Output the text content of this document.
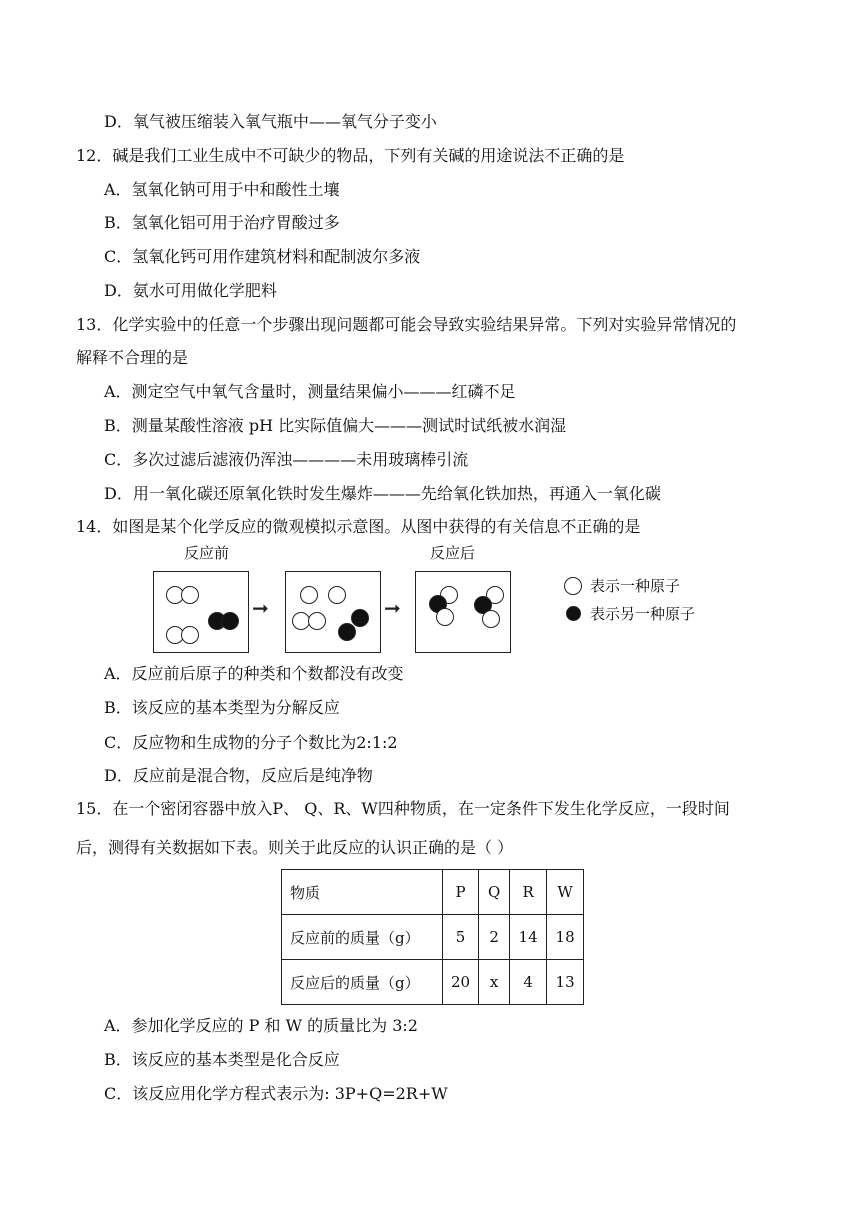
D．氧气被压缩装入氧气瓶中——氧气分子变小
12．碱是我们工业生成中不可缺少的物品，下列有关碱的用途说法不正确的是
A．氢氧化钠可用于中和酸性土壤
B．氢氧化铝可用于治疗胃酸过多
C．氢氧化钙可用作建筑材料和配制波尔多液
D．氨水可用做化学肥料
13．化学实验中的任意一个步骤出现问题都可能会导致实验结果异常。下列对实验异常情况的
解释不合理的是
A．测定空气中氧气含量时，测量结果偏小———红磷不足
B．测量某酸性溶液 pH 比实际值偏大———测试时试纸被水润湿
C．多次过滤后滤液仍浑浊————未用玻璃棒引流
D．用一氧化碳还原氧化铁时发生爆炸———先给氧化铁加热，再通入一氧化碳
14．如图是某个化学反应的微观模拟示意图。从图中获得的有关信息不正确的是
反应前	反应后
➞	➞
表示一种原子
表示另一种原子
A．反应前后原子的种类和个数都没有改变
B．该反应的基本类型为分解反应
C．反应物和生成物的分子个数比为2:1:2
D．反应前是混合物，反应后是纯净物
15．在一个密闭容器中放入P、 Q、R、W四种物质，在一定条件下发生化学反应，一段时间
后，测得有关数据如下表。则关于此反应的认识正确的是（ ）
物质	P	Q	R	W
反应前的质量（g）	5	2	14	18
反应后的质量（g）	20	x	4	13
A．参加化学反应的 P 和 W 的质量比为 3:2
B．该反应的基本类型是化合反应
C．该反应用化学方程式表示为: 3P+Q=2R+W
